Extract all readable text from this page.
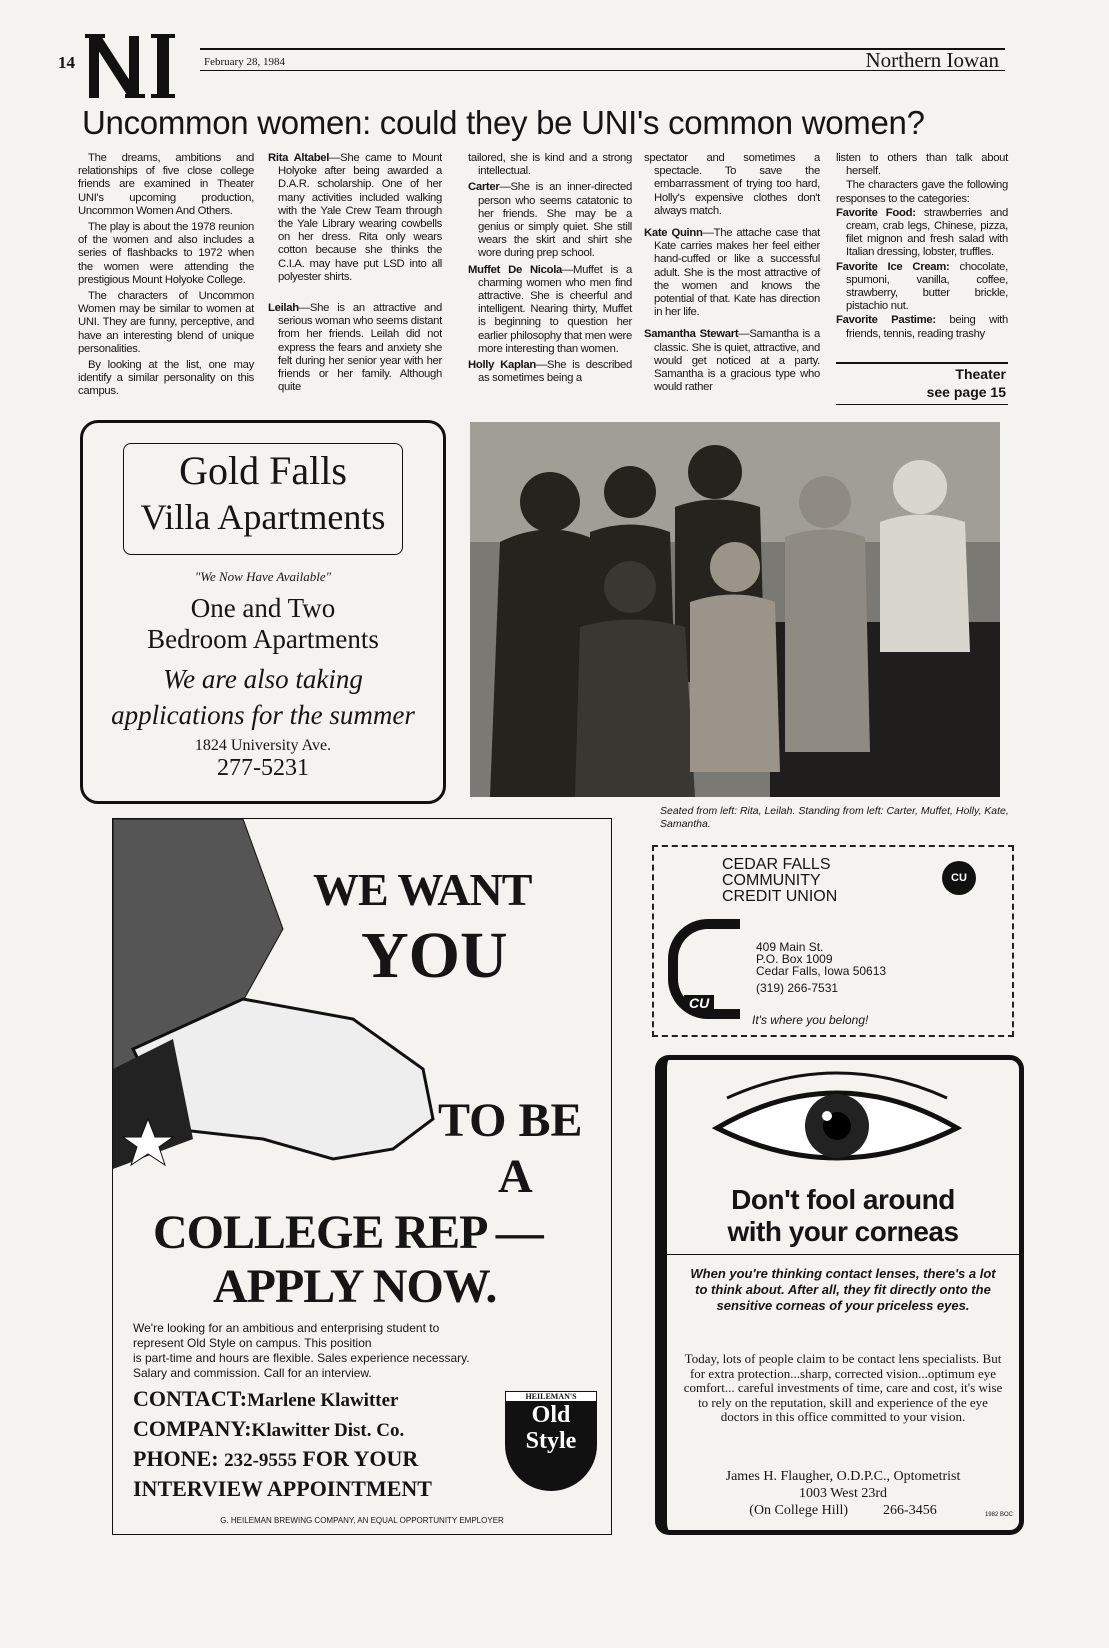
14	February 28, 1984	Northern Iowan
Uncommon women: could they be UNI's common women?

The dreams, ambitions and relationships of five close college friends are examined in Theater UNI's upcoming production, Uncommon Women And Others.

The play is about the 1978 reunion of the women and also includes a series of flashbacks to 1972 when the women were attending the prestigious Mount Holyoke College.

The characters of Uncommon Women may be similar to women at UNI. They are funny, perceptive, and have an interesting blend of unique personalities.

By looking at the list, one may identify a similar personality on this campus.

Rita Altabel—She came to Mount Holyoke after being awarded a D.A.R. scholarship. One of her many activities included walking with the Yale Crew Team through the Yale Library wearing cowbells on her dress. Rita only wears cotton because she thinks the C.I.A. may have put LSD into all polyester shirts.

Leilah—She is an attractive and serious woman who seems distant from her friends. Leilah did not express the fears and anxiety she felt during her senior year with her friends or her family. Although quite

tailored, she is kind and a strong intellectual.

Carter—She is an inner-directed person who seems catatonic to her friends. She may be a genius or simply quiet. She still wears the skirt and shirt she wore during prep school.

Muffet De Nicola—Muffet is a charming women who men find attractive. She is cheerful and intelligent. Nearing thirty, Muffet is beginning to question her earlier philosophy that men were more interesting than women.

Holly Kaplan—She is described as sometimes being a

spectator and sometimes a spectacle. To save the embarrassment of trying too hard, Holly's expensive clothes don't always match.

Kate Quinn—The attache case that Kate carries makes her feel either hand-cuffed or like a successful adult. She is the most attractive of the women and knows the potential of that. Kate has direction in her life.

Samantha Stewart—Samantha is a classic. She is quiet, attractive, and would get noticed at a party. Samantha is a gracious type who would rather

listen to others than talk about herself.

The characters gave the following responses to the categories:

Favorite Food: strawberries and cream, crab legs, Chinese, pizza, filet mignon and fresh salad with Italian dressing, lobster, truffles.

Favorite Ice Cream: chocolate, spumoni, vanilla, coffee, strawberry, butter brickle, pistachio nut.

Favorite Pastime: being with friends, tennis, reading trashy

Theater
see page 15
Gold Falls
Villa Apartments
"We Now Have Available"
One and Two
Bedroom Apartments
We are also taking
applications for the summer
1824 University Ave.
277-5231
Seated from left: Rita, Leilah. Standing from left: Carter, Muffet, Holly, Kate, Samantha.
WE WANT
YOU
TO BE
A
COLLEGE REP —
APPLY NOW.
We're looking for an ambitious and enterprising student to
represent Old Style on campus. This position
is part-time and hours are flexible. Sales experience necessary.
Salary and commission. Call for an interview.
CONTACT:Marlene Klawitter
COMPANY:Klawitter Dist. Co.
PHONE: 232-9555 FOR YOUR
INTERVIEW APPOINTMENT
HEILEMAN'S
Old
Style
G. HEILEMAN BREWING COMPANY, AN EQUAL OPPORTUNITY EMPLOYER
CEDAR FALLS
COMMUNITY
CREDIT UNION
CU
CU
409 Main St.
P.O. Box 1009
Cedar Falls, Iowa 50613
(319) 266-7531
It's where you belong!
Don't fool around
with your corneas
When you're thinking contact lenses, there's a lot to think about. After all, they fit directly onto the sensitive corneas of your priceless eyes.
Today, lots of people claim to be contact lens specialists. But for extra protection...sharp, corrected vision...optimum eye comfort... careful investments of time, care and cost, it's wise to rely on the reputation, skill and experience of the eye doctors in this office committed to your vision.
James H. Flaugher, O.D.P.C., Optometrist
1003 West 23rd
(On College Hill)	266-3456	1982 BOC
